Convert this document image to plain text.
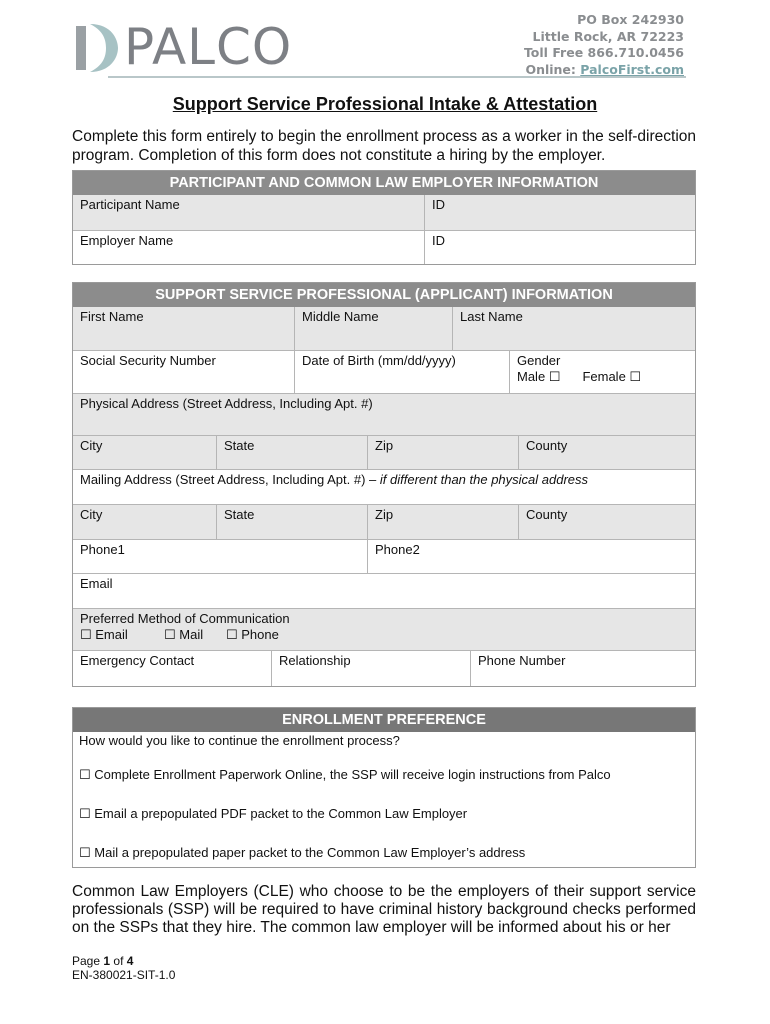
PALCO	PO Box 242930
Little Rock, AR 72223
Toll Free 866.710.0456
Online: PalcoFirst.com
Support Service Professional Intake & Attestation
Complete this form entirely to begin the enrollment process as a worker in the self-direction program. Completion of this form does not constitute a hiring by the employer.
PARTICIPANT AND COMMON LAW EMPLOYER INFORMATION
Participant Name	ID
Employer Name	ID
SUPPORT SERVICE PROFESSIONAL (APPLICANT) INFORMATION
First Name	Middle Name	Last Name
Social Security Number	Date of Birth (mm/dd/yyyy)	Gender
Male ☐ Female ☐
Physical Address (Street Address, Including Apt. #)
City	State	Zip	County
Mailing Address (Street Address, Including Apt. #) – if different than the physical address
City	State	Zip	County
Phone1	Phone2
Email
Preferred Method of Communication
☐ Email	☐ Mail	☐ Phone
Emergency Contact	Relationship	Phone Number
ENROLLMENT PREFERENCE
How would you like to continue the enrollment process?
☐ Complete Enrollment Paperwork Online, the SSP will receive login instructions from Palco
☐ Email a prepopulated PDF packet to the Common Law Employer
☐ Mail a prepopulated paper packet to the Common Law Employer’s address
Common Law Employers (CLE) who choose to be the employers of their support service professionals (SSP) will be required to have criminal history background checks performed on the SSPs that they hire. The common law employer will be informed about his or her
Page 1 of 4
EN-380021-SIT-1.0
